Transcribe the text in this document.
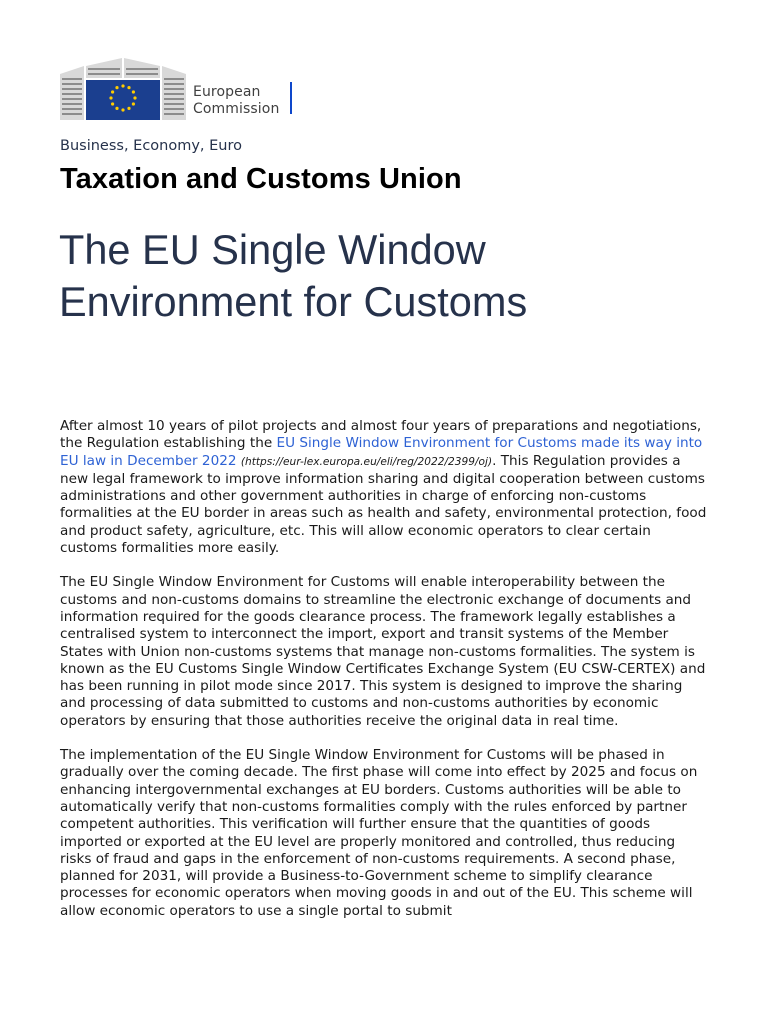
European
Commission
Business, Economy, Euro
Taxation and Customs Union
The EU Single Window Environment for Customs

After almost 10 years of pilot projects and almost four years of preparations and negotiations, the Regulation establishing the EU Single Window Environment for Customs made its way into EU law in December 2022 (https://eur-lex.europa.eu/eli/reg/2022/2399/oj). This Regulation provides a new legal framework to improve information sharing and digital cooperation between customs administrations and other government authorities in charge of enforcing non-customs formalities at the EU border in areas such as health and safety, environmental protection, food and product safety, agriculture, etc. This will allow economic operators to clear certain customs formalities more easily.

The EU Single Window Environment for Customs will enable interoperability between the customs and non-customs domains to streamline the electronic exchange of documents and information required for the goods clearance process. The framework legally establishes a centralised system to interconnect the import, export and transit systems of the Member States with Union non-customs systems that manage non-customs formalities. The system is known as the EU Customs Single Window Certificates Exchange System (EU CSW-CERTEX) and has been running in pilot mode since 2017. This system is designed to improve the sharing and processing of data submitted to customs and non-customs authorities by economic operators by ensuring that those authorities receive the original data in real time.

The implementation of the EU Single Window Environment for Customs will be phased in gradually over the coming decade. The first phase will come into effect by 2025 and focus on enhancing intergovernmental exchanges at EU borders. Customs authorities will be able to automatically verify that non-customs formalities comply with the rules enforced by partner competent authorities. This verification will further ensure that the quantities of goods imported or exported at the EU level are properly monitored and controlled, thus reducing risks of fraud and gaps in the enforcement of non-customs requirements. A second phase, planned for 2031, will provide a Business-to-Government scheme to simplify clearance processes for economic operators when moving goods in and out of the EU. This scheme will allow economic operators to use a single portal to submit
